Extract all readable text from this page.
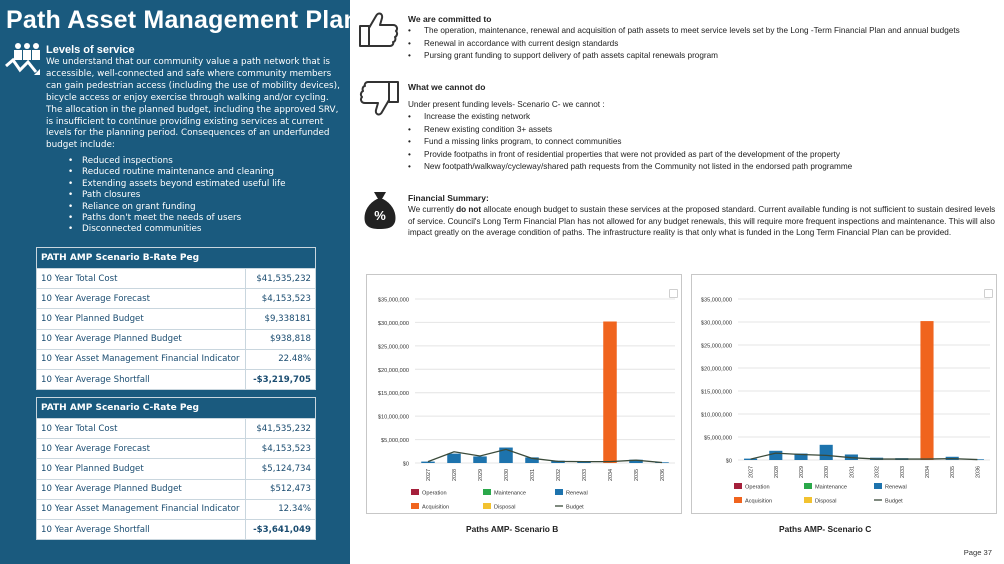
Path Asset Management Plan
Levels of service
We understand that our community value a path network that is accessible, well-connected and safe where community members can gain pedestrian access (including the use of mobility devices), bicycle access or enjoy exercise through walking and/or cycling. The allocation in the planned budget, including the approved SRV, is insufficient to continue providing existing services at current levels for the planning period. Consequences of an underfunded budget include:
• Reduced inspections
• Reduced routine maintenance and cleaning
• Extending assets beyond estimated useful life
• Path closures
• Reliance on grant funding
• Paths don't meet the needs of users
• Disconnected communities
PATH AMP Scenario B-Rate Peg	
10 Year Total Cost	$41,535,232
10 Year Average Forecast	$4,153,523
10 Year Planned Budget	$9,338181
10 Year Average Planned Budget	$938,818
10 Year Asset Management Financial Indicator	22.48%
10 Year Average Shortfall	-$3,219,705
PATH AMP Scenario C-Rate Peg	
10 Year Total Cost	$41,535,232
10 Year Average Forecast	$4,153,523
10 Year Planned Budget	$5,124,734
10 Year Average Planned Budget	$512,473
10 Year Asset Management Financial Indicator	12.34%
10 Year Average Shortfall	-$3,641,049
We are committed to
• The operation, maintenance, renewal and acquisition of path assets to meet service levels set by the Long -Term Financial Plan and annual budgets
• Renewal in accordance with current design standards
• Pursing grant funding to support delivery of path assets capital renewals program
What we cannot do
Under present funding levels- Scenario C- we cannot :
• Increase the existing network
• Renew existing condition 3+ assets
• Fund a missing links program, to connect communities
• Provide footpaths in front of residential properties that were not provided as part of the development of the property
• New footpath/walkway/cycleway/shared path requests from the Community not listed in the endorsed path programme
%
Financial Summary:
We currently do not allocate enough budget to sustain these services at the proposed standard. Current available funding is not sufficient to sustain desired levels of service. Council's Long Term Financial Plan has not allowed for any budget renewals, this will require more frequent inspections and maintenance. This will also impact greatly on the average condition of paths. The infrastructure reality is that only what is funded in the Long Term Financial Plan can be provided.
$0
$5,000,000
$10,000,000
$15,000,000
$20,000,000
$25,000,000
$30,000,000
$35,000,000
2027	2028	2029	2030	2031	2032	2033	2034	2035	2036
Operation	Maintenance	Renewal
Acquisition	Disposal	Budget
$0
$5,000,000
$10,000,000
$15,000,000
$20,000,000
$25,000,000
$30,000,000
$35,000,000
2027	2028	2029	2030	2031	2032	2033	2034	2035	2036
Operation	Maintenance	Renewal
Acquisition	Disposal	Budget
Paths AMP- Scenario B	Paths AMP- Scenario C
Page 37
